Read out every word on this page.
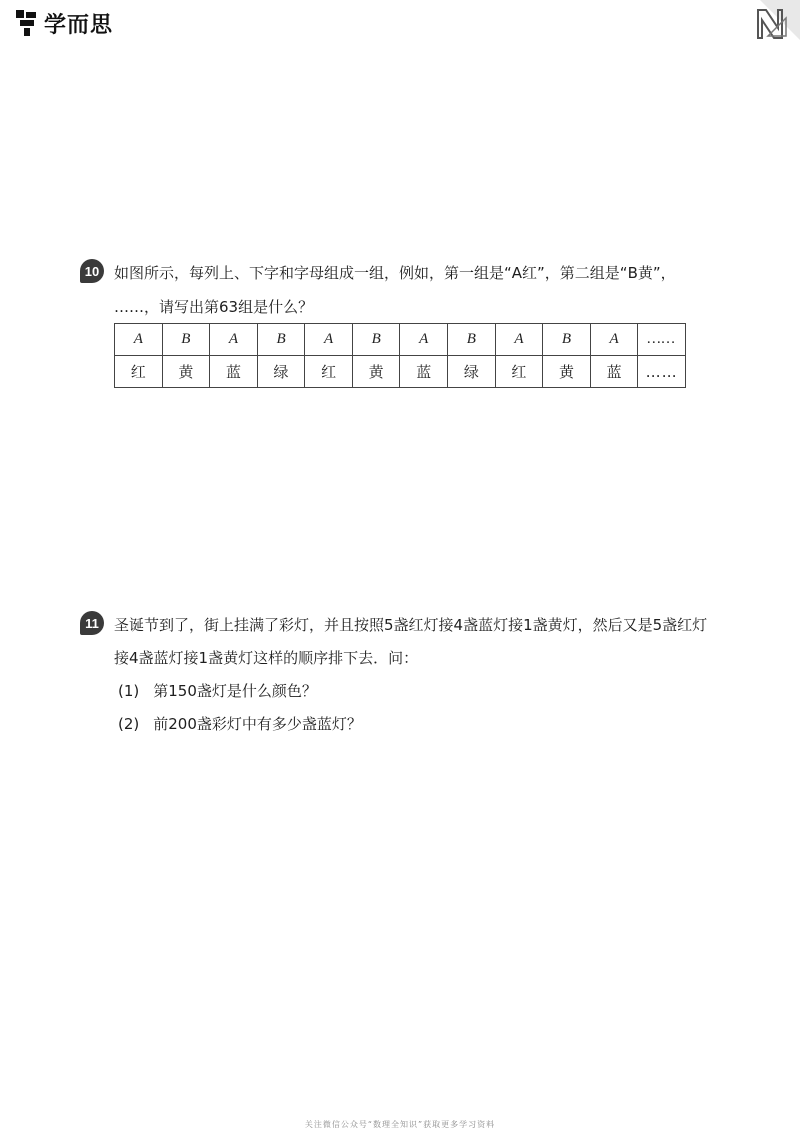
学而思
10 如图所示，每列上、下字和字母组成一组，例如，第一组是“A红”，第二组是“B黄”，
……，请写出第63组是什么？
A	B	A	B	A	B	A	B	A	B	A	……
红	黄	蓝	绿	红	黄	蓝	绿	红	黄	蓝	……
11	圣诞节到了，街上挂满了彩灯，并且按照5盏红灯接4盏蓝灯接1盏黄灯，然后又是5盏红灯
接4盏蓝灯接1盏黄灯这样的顺序排下去．问：
(1) 第150盏灯是什么颜色？
(2) 前200盏彩灯中有多少盏蓝灯？
关注微信公众号“数理全知识”获取更多学习资料
